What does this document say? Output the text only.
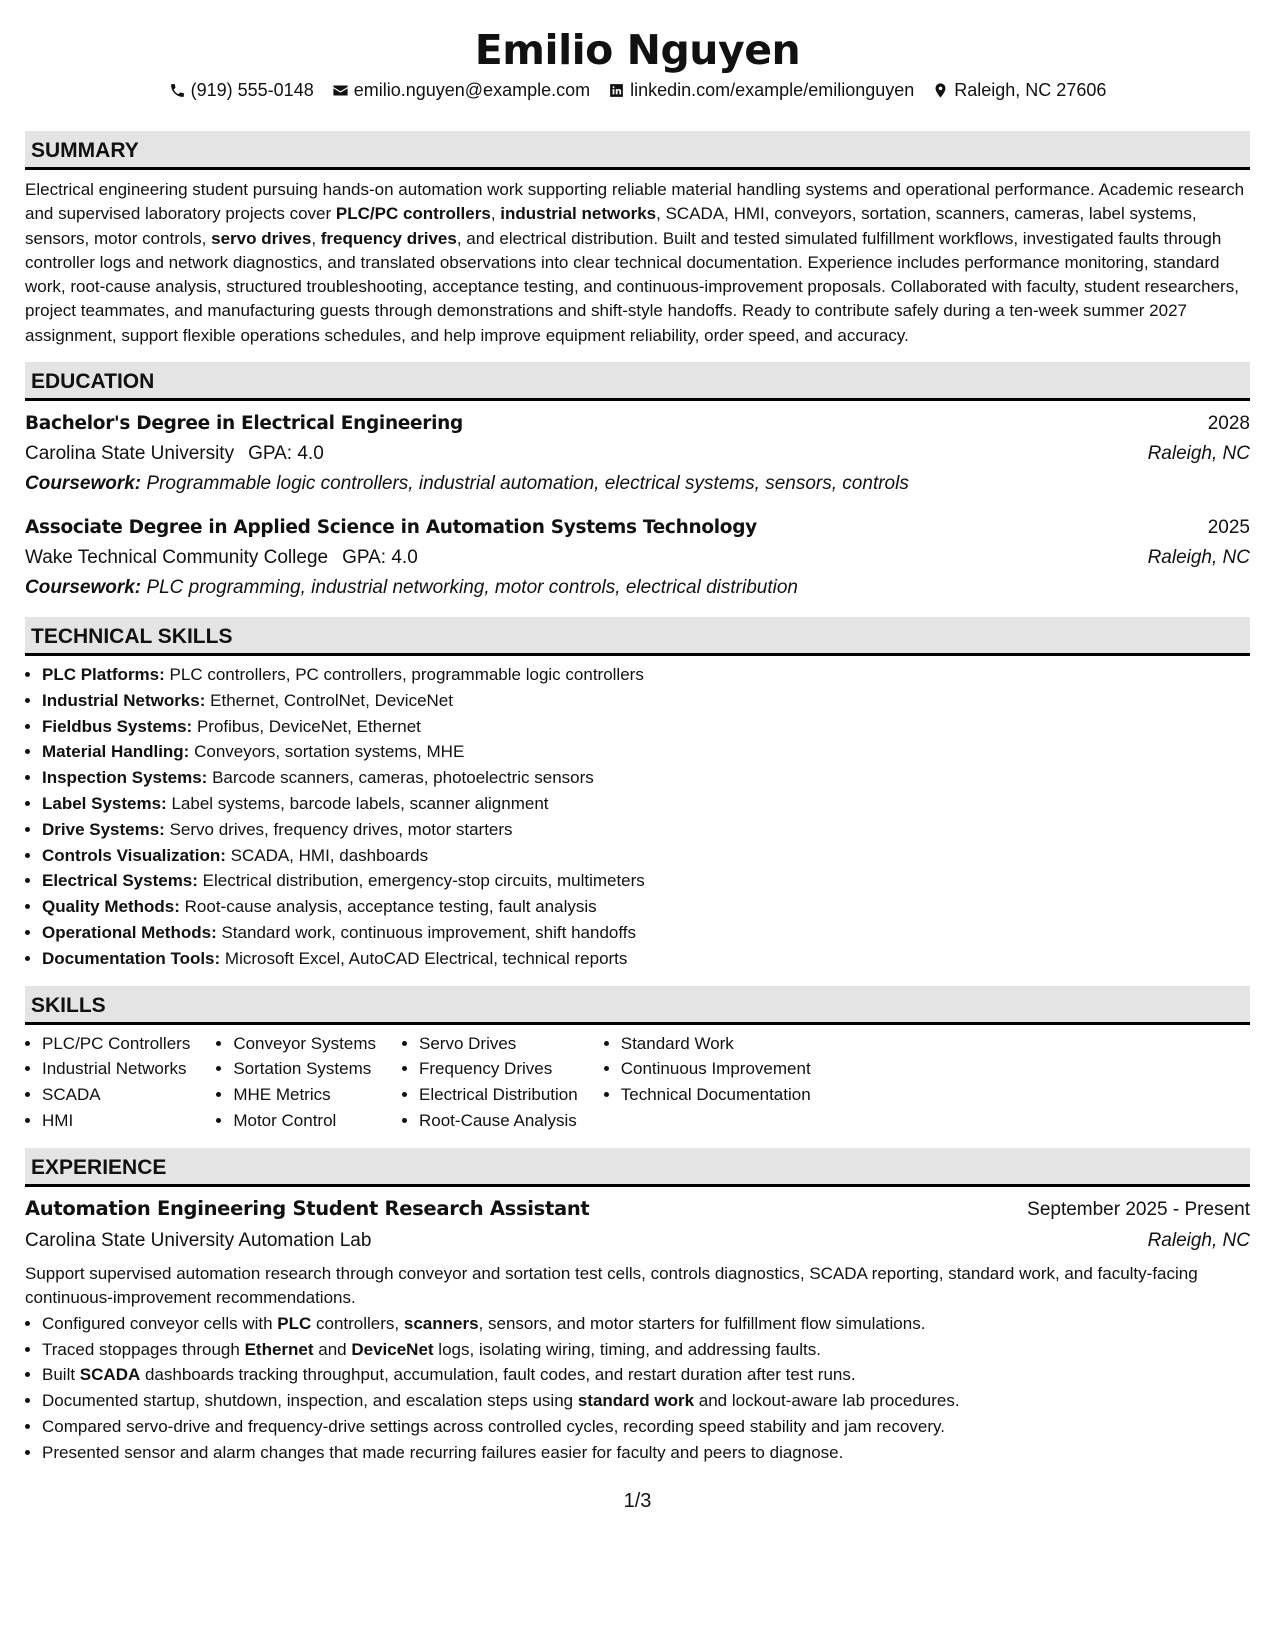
Emilio Nguyen
(919) 555-0148 emilio.nguyen@example.com linkedin.com/example/emilionguyen Raleigh, NC 27606
SUMMARY

Electrical engineering student pursuing hands-on automation work supporting reliable material handling systems and operational performance. Academic research and supervised laboratory projects cover PLC/PC controllers, industrial networks, SCADA, HMI, conveyors, sortation, scanners, cameras, label systems, sensors, motor controls, servo drives, frequency drives, and electrical distribution. Built and tested simulated fulfillment workflows, investigated faults through controller logs and network diagnostics, and translated observations into clear technical documentation. Experience includes performance monitoring, standard work, root-cause analysis, structured troubleshooting, acceptance testing, and continuous-improvement proposals. Collaborated with faculty, student researchers, project teammates, and manufacturing guests through demonstrations and shift-style handoffs. Ready to contribute safely during a ten-week summer 2027 assignment, support flexible operations schedules, and help improve equipment reliability, order speed, and accuracy.

EDUCATION
Bachelor's Degree in Electrical Engineering	2028
Carolina State University GPA: 4.0	Raleigh, NC
Coursework: Programmable logic controllers, industrial automation, electrical systems, sensors, controls
Associate Degree in Applied Science in Automation Systems Technology	2025
Wake Technical Community College GPA: 4.0	Raleigh, NC
Coursework: PLC programming, industrial networking, motor controls, electrical distribution
TECHNICAL SKILLS
• PLC Platforms: PLC controllers, PC controllers, programmable logic controllers
• Industrial Networks: Ethernet, ControlNet, DeviceNet
• Fieldbus Systems: Profibus, DeviceNet, Ethernet
• Material Handling: Conveyors, sortation systems, MHE
• Inspection Systems: Barcode scanners, cameras, photoelectric sensors
• Label Systems: Label systems, barcode labels, scanner alignment
• Drive Systems: Servo drives, frequency drives, motor starters
• Controls Visualization: SCADA, HMI, dashboards
• Electrical Systems: Electrical distribution, emergency-stop circuits, multimeters
• Quality Methods: Root-cause analysis, acceptance testing, fault analysis
• Operational Methods: Standard work, continuous improvement, shift handoffs
• Documentation Tools: Microsoft Excel, AutoCAD Electrical, technical reports
SKILLS
• PLC/PC Controllers
• Industrial Networks
• SCADA
• HMI
• Conveyor Systems
• Sortation Systems
• MHE Metrics
• Motor Control
• Servo Drives
• Frequency Drives
• Electrical Distribution
• Root-Cause Analysis
• Standard Work
• Continuous Improvement
• Technical Documentation
EXPERIENCE
Automation Engineering Student Research Assistant	September 2025 - Present
Carolina State University Automation Lab	Raleigh, NC

Support supervised automation research through conveyor and sortation test cells, controls diagnostics, SCADA reporting, standard work, and faculty-facing continuous-improvement recommendations.

• Configured conveyor cells with PLC controllers, scanners, sensors, and motor starters for fulfillment flow simulations.
• Traced stoppages through Ethernet and DeviceNet logs, isolating wiring, timing, and addressing faults.
• Built SCADA dashboards tracking throughput, accumulation, fault codes, and restart duration after test runs.
• Documented startup, shutdown, inspection, and escalation steps using standard work and lockout-aware lab procedures.
• Compared servo-drive and frequency-drive settings across controlled cycles, recording speed stability and jam recovery.
• Presented sensor and alarm changes that made recurring failures easier for faculty and peers to diagnose.
1/3
